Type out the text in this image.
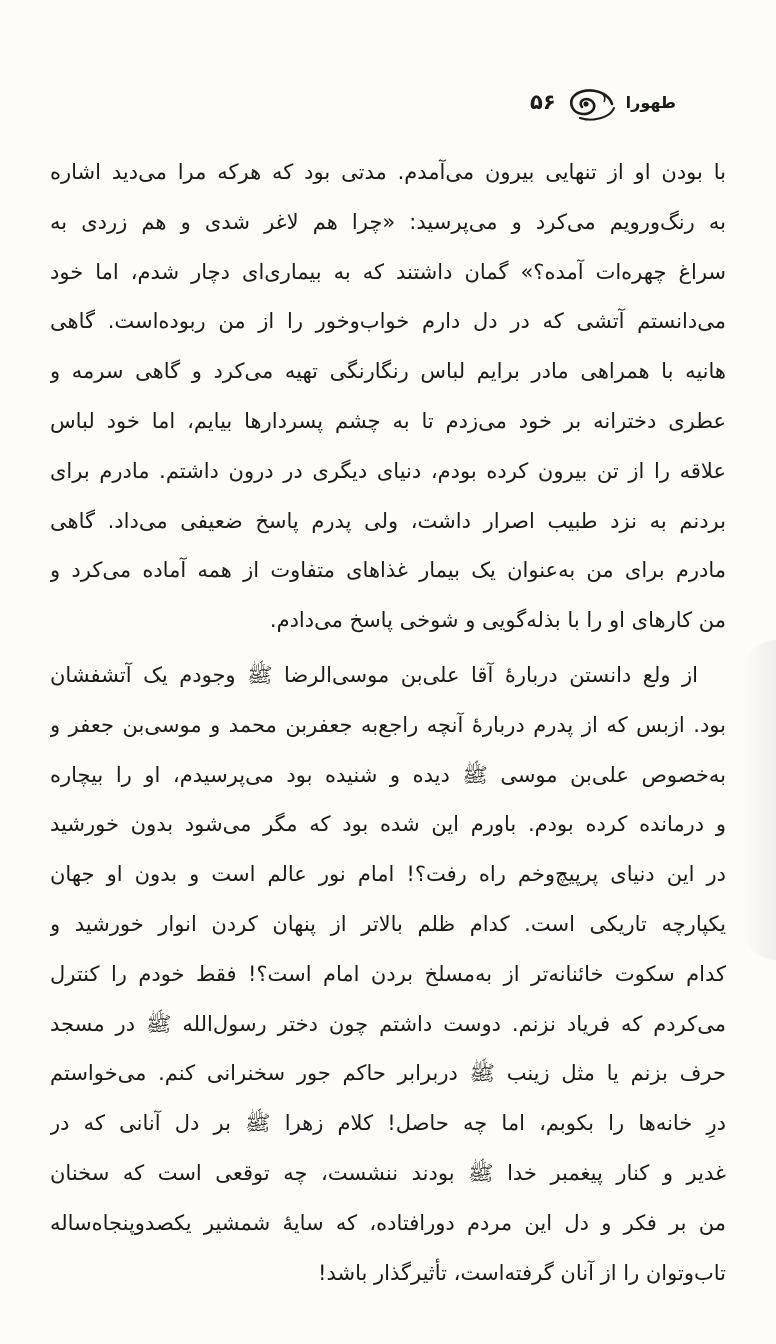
طهورا
۵۶
با بودن او از تنهایی بیرون می‌آمدم. مدتی بود که هرکه مرا می‌دید اشاره
به رنگ‌ورویم می‌کرد و می‌پرسید: «چرا هم لاغر شدی و هم زردی به
سراغ چهره‌ات آمده؟» گمان داشتند که به بیماری‌ای دچار شدم، اما خود
می‌دانستم آتشی که در دل دارم خواب‌وخور را از من ربوده‌است. گاهی
هانیه با همراهی مادر برایم لباس رنگارنگی تهیه می‌کرد و گاهی سرمه و
عطری دخترانه بر خود می‌زدم تا به چشم پسردارها بیایم، اما خود لباس
علاقه را از تن بیرون کرده بودم، دنیای دیگری در درون داشتم. مادرم برای
بردنم به نزد طبیب اصرار داشت، ولی پدرم پاسخ ضعیفی می‌داد. گاهی
مادرم برای من به‌عنوان یک بیمار غذاهای متفاوت از همه آماده می‌کرد و
من کارهای او را با بذله‌گویی و شوخی پاسخ می‌دادم.
از ولع دانستن دربارهٔ آقا علی‌بن موسی‌الرضا ﷺ وجودم یک آتشفشان
بود. ازبس که از پدرم دربارهٔ آنچه راجع‌به جعفربن محمد و موسی‌بن جعفر و
به‌خصوص علی‌بن موسی ﷺ دیده و شنیده بود می‌پرسیدم، او را بیچاره
و درمانده کرده بودم. باورم این شده بود که مگر می‌شود بدون خورشید
در این دنیای پرپیچ‌وخم راه رفت؟! امام نور عالم است و بدون او جهان
یکپارچه تاریکی است. کدام ظلم بالاتر از پنهان کردن انوار خورشید و
کدام سکوت خائنانه‌تر از به‌مسلخ بردن امام است؟! فقط خودم را کنترل
می‌کردم که فریاد نزنم. دوست داشتم چون دختر رسول‌الله ﷺ در مسجد
حرف بزنم یا مثل زینب ﷺ دربرابر حاکم جور سخنرانی کنم. می‌خواستم
درِ خانه‌ها را بکوبم، اما چه حاصل! کلام زهرا ﷺ بر دل آنانی که در
غدیر و کنار پیغمبر خدا ﷺ بودند ننشست، چه توقعی است که سخنان
من بر فکر و دل این مردم دورافتاده، که سایهٔ شمشیر یکصدوپنجاه‌ساله
تاب‌وتوان را از آنان گرفته‌است، تأثیرگذار باشد!
